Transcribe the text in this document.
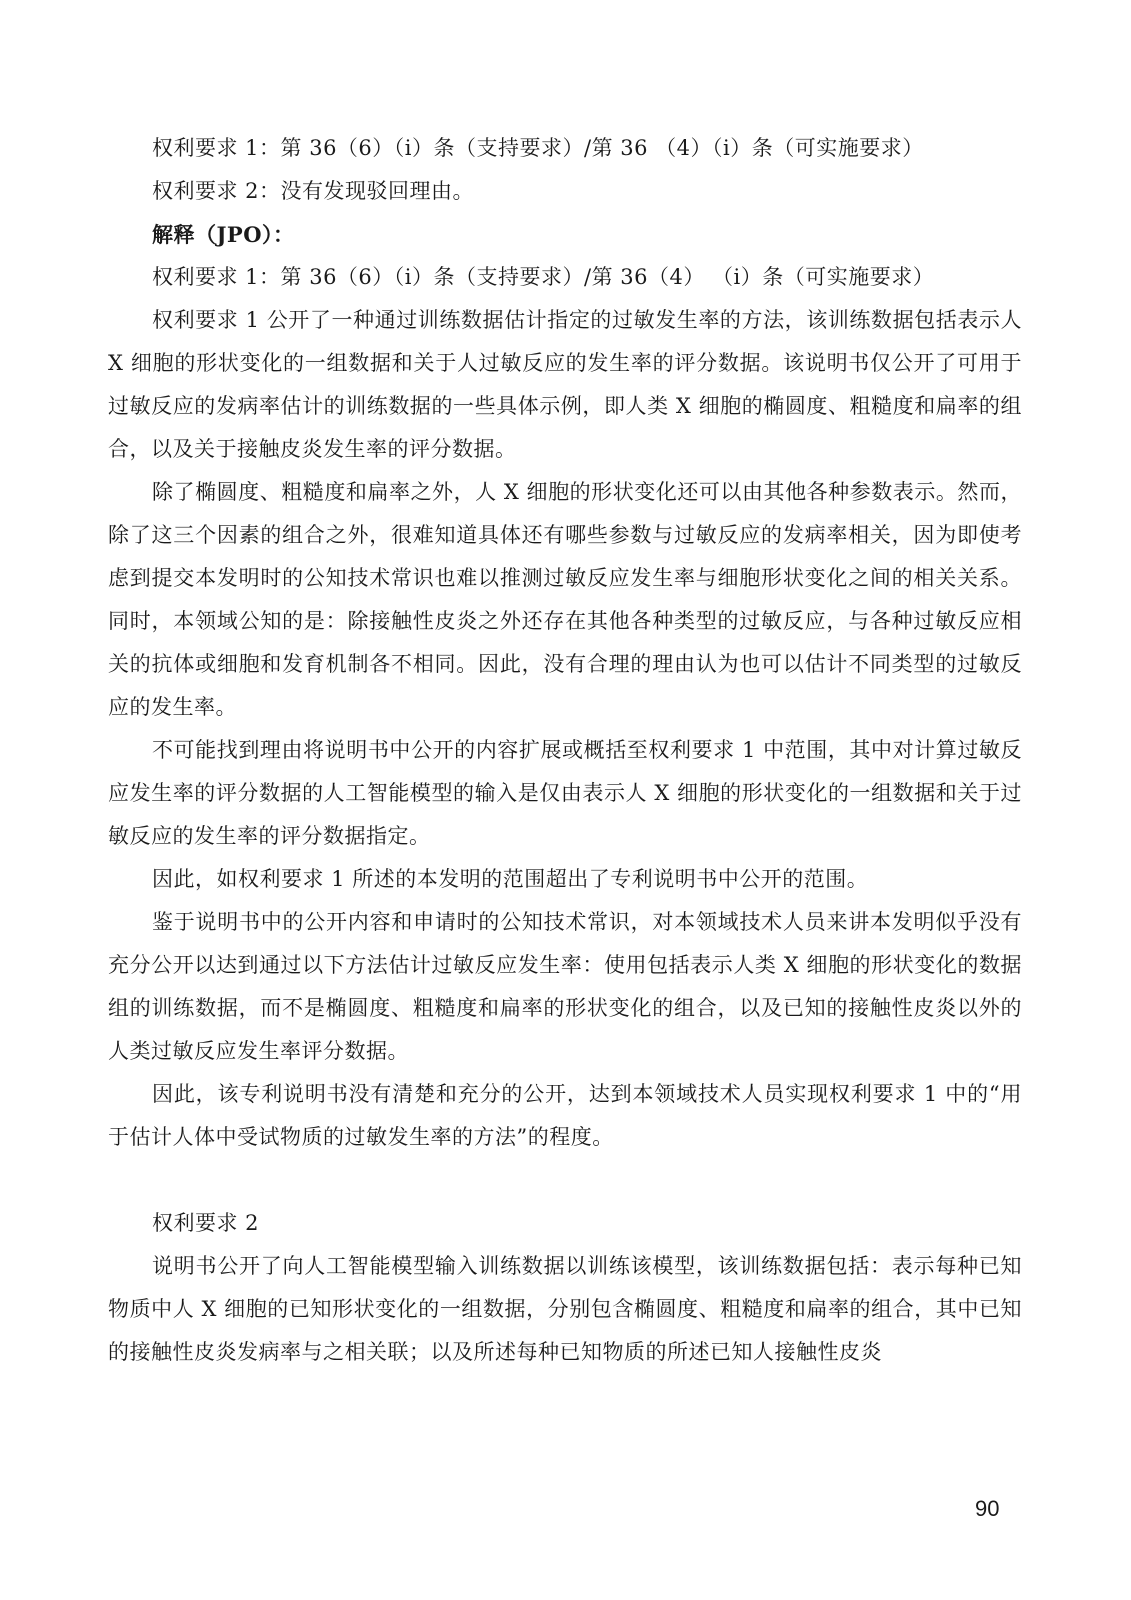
权利要求 1：第 36（6）（i）条（支持要求）/第 36 （4）（i）条（可实施要求）

权利要求 2：没有发现驳回理由。

解释（JPO）：

权利要求 1：第 36（6）（i）条（支持要求）/第 36（4） （i）条（可实施要求）

权利要求 1 公开了一种通过训练数据估计指定的过敏发生率的方法，该训练数据包括表示人 X 细胞的形状变化的一组数据和关于人过敏反应的发生率的评分数据。该说明书仅公开了可用于过敏反应的发病率估计的训练数据的一些具体示例，即人类 X 细胞的椭圆度、粗糙度和扁率的组合，以及关于接触皮炎发生率的评分数据。

除了椭圆度、粗糙度和扁率之外，人 X 细胞的形状变化还可以由其他各种参数表示。然而，除了这三个因素的组合之外，很难知道具体还有哪些参数与过敏反应的发病率相关，因为即使考虑到提交本发明时的公知技术常识也难以推测过敏反应发生率与细胞形状变化之间的相关关系。同时，本领域公知的是：除接触性皮炎之外还存在其他各种类型的过敏反应，与各种过敏反应相关的抗体或细胞和发育机制各不相同。因此，没有合理的理由认为也可以估计不同类型的过敏反应的发生率。

不可能找到理由将说明书中公开的内容扩展或概括至权利要求 1 中范围，其中对计算过敏反应发生率的评分数据的人工智能模型的输入是仅由表示人 X 细胞的形状变化的一组数据和关于过敏反应的发生率的评分数据指定。

因此，如权利要求 1 所述的本发明的范围超出了专利说明书中公开的范围。

鉴于说明书中的公开内容和申请时的公知技术常识，对本领域技术人员来讲本发明似乎没有充分公开以达到通过以下方法估计过敏反应发生率：使用包括表示人类 X 细胞的形状变化的数据组的训练数据，而不是椭圆度、粗糙度和扁率的形状变化的组合，以及已知的接触性皮炎以外的人类过敏反应发生率评分数据。

因此，该专利说明书没有清楚和充分的公开，达到本领域技术人员实现权利要求 1 中的“用于估计人体中受试物质的过敏发生率的方法”的程度。

权利要求 2

说明书公开了向人工智能模型输入训练数据以训练该模型，该训练数据包括：表示每种已知物质中人 X 细胞的已知形状变化的一组数据，分别包含椭圆度、粗糙度和扁率的组合，其中已知的接触性皮炎发病率与之相关联；以及所述每种已知物质的所述已知人接触性皮炎

90
